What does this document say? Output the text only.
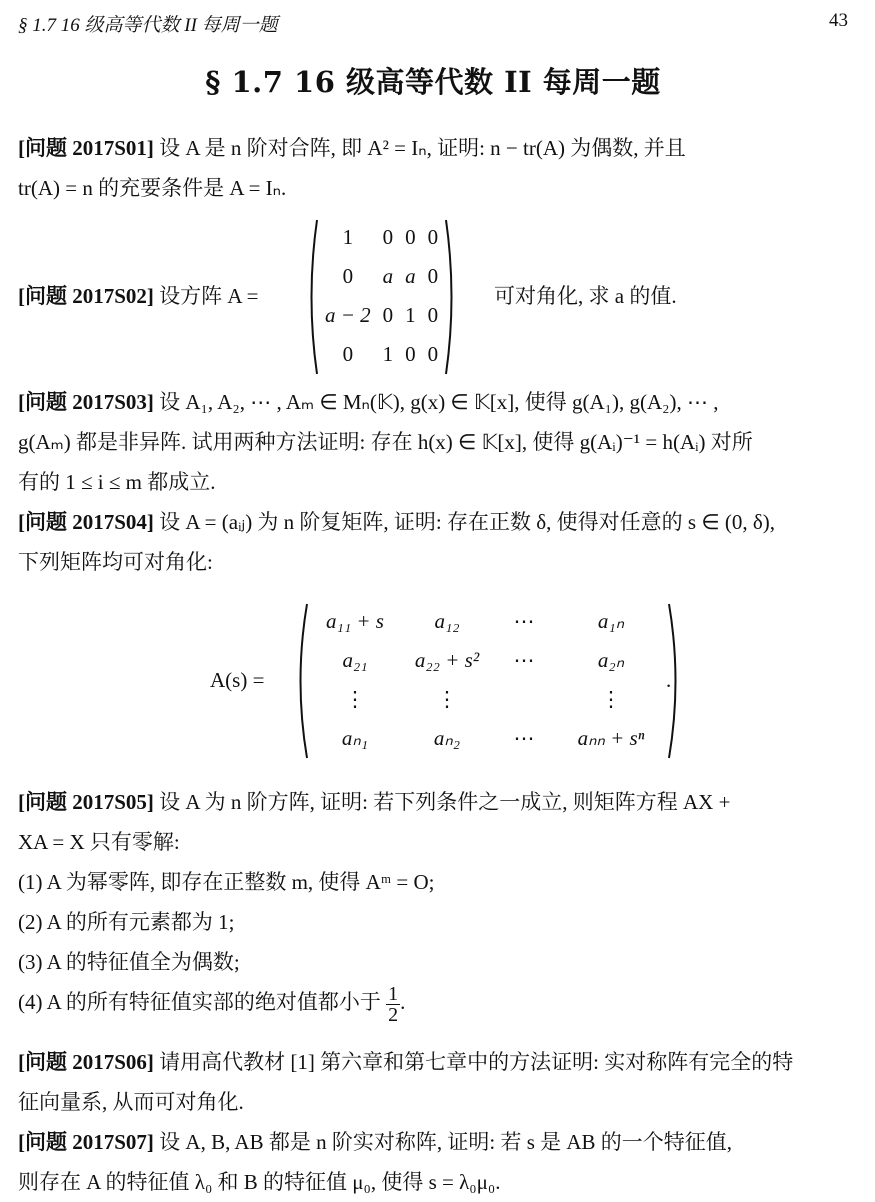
§ 1.7 16 级高等代数 II 每周一题	43
§ 1.7 16 级高等代数 II 每周一题
[问题 2017S01] 设 A 是 n 阶对合阵, 即 A² = Iₙ, 证明: n − tr(A) 为偶数, 并且
tr(A) = n 的充要条件是 A = Iₙ.
[问题 2017S02] 设方阵 A =
1	0	0	0
0	a	a	0
a − 2	0	1	0
0	1	0	0
可对角化, 求 a 的值.
[问题 2017S03] 设 A₁, A₂, ⋯ , Aₘ ∈ Mₙ(𝕂), g(x) ∈ 𝕂[x], 使得 g(A₁), g(A₂), ⋯ ,
g(Aₘ) 都是非异阵. 试用两种方法证明: 存在 h(x) ∈ 𝕂[x], 使得 g(Aᵢ)⁻¹ = h(Aᵢ) 对所
有的 1 ≤ i ≤ m 都成立.
[问题 2017S04] 设 A = (aᵢⱼ) 为 n 阶复矩阵, 证明: 存在正数 δ, 使得对任意的 s ∈ (0, δ),
下列矩阵均可对角化:
A(s) =
a₁₁ + s	a₁₂	⋯	a₁ₙ
a₂₁	a₂₂ + s²	⋯	a₂ₙ
⋮	⋮		⋮
aₙ₁	aₙ₂	⋯	aₙₙ + sⁿ
.
[问题 2017S05] 设 A 为 n 阶方阵, 证明: 若下列条件之一成立, 则矩阵方程 AX +
XA = X 只有零解:
(1) A 为幂零阵, 即存在正整数 m, 使得 Aᵐ = O;
(2) A 的所有元素都为 1;
(3) A 的特征值全为偶数;
(4) A 的所有特征值实部的绝对值都小于 $\frac{1}{2}$ .
[问题 2017S06] 请用高代教材 [1] 第六章和第七章中的方法证明: 实对称阵有完全的特
征向量系, 从而可对角化.
[问题 2017S07] 设 A, B, AB 都是 n 阶实对称阵, 证明: 若 s 是 AB 的一个特征值,
则存在 A 的特征值 λ₀ 和 B 的特征值 μ₀, 使得 s = λ₀μ₀.
